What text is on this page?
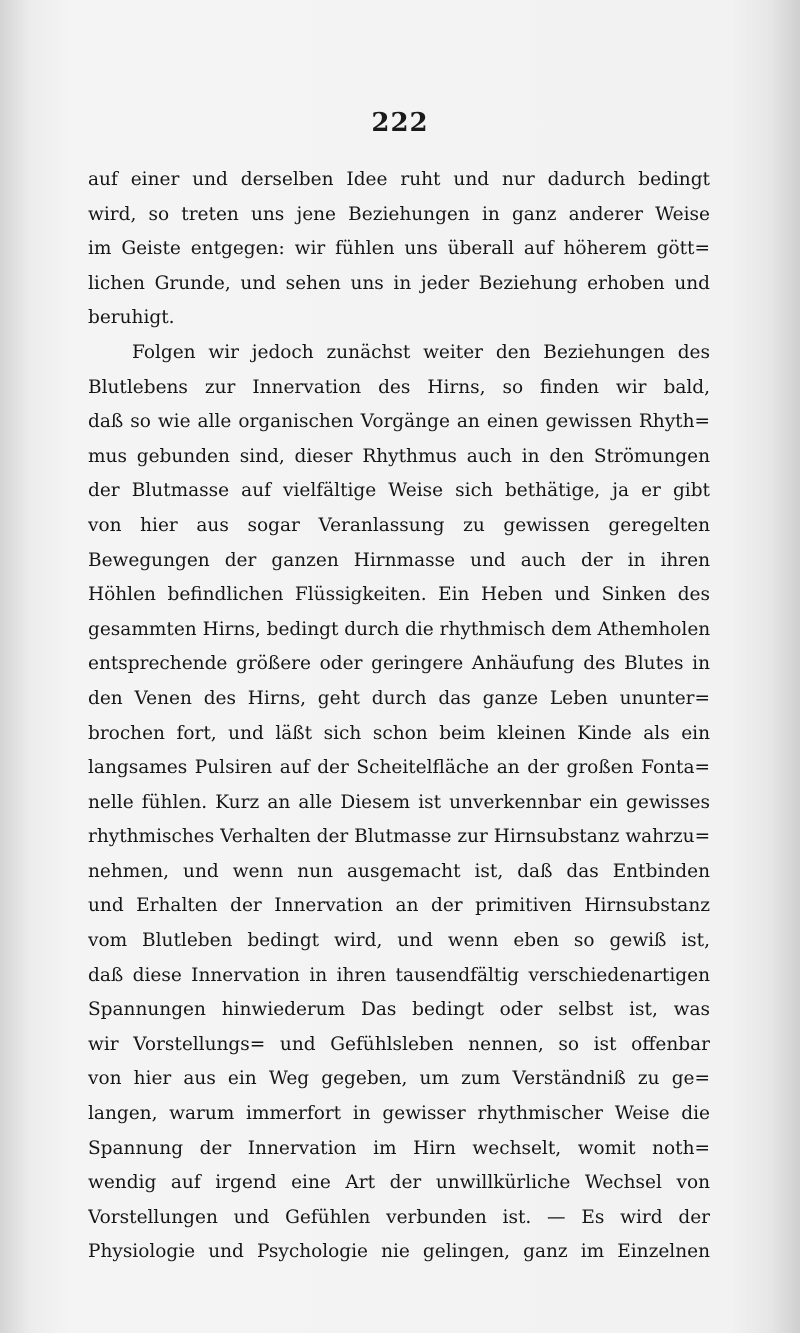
222
auf einer und derselben Idee ruht und nur dadurch bedingt
wird, so treten uns jene Beziehungen in ganz anderer Weise
im Geiste entgegen: wir fühlen uns überall auf höherem gött=
lichen Grunde, und sehen uns in jeder Beziehung erhoben und
beruhigt.
Folgen wir jedoch zunächst weiter den Beziehungen des
Blutlebens zur Innervation des Hirns, so finden wir bald,
daß so wie alle organischen Vorgänge an einen gewissen Rhyth=
mus gebunden sind, dieser Rhythmus auch in den Strömungen
der Blutmasse auf vielfältige Weise sich bethätige, ja er gibt
von hier aus sogar Veranlassung zu gewissen geregelten
Bewegungen der ganzen Hirnmasse und auch der in ihren
Höhlen befindlichen Flüssigkeiten. Ein Heben und Sinken des
gesammten Hirns, bedingt durch die rhythmisch dem Athemholen
entsprechende größere oder geringere Anhäufung des Blutes in
den Venen des Hirns, geht durch das ganze Leben ununter=
brochen fort, und läßt sich schon beim kleinen Kinde als ein
langsames Pulsiren auf der Scheitelfläche an der großen Fonta=
nelle fühlen. Kurz an alle Diesem ist unverkennbar ein gewisses
rhythmisches Verhalten der Blutmasse zur Hirnsubstanz wahrzu=
nehmen, und wenn nun ausgemacht ist, daß das Entbinden
und Erhalten der Innervation an der primitiven Hirnsubstanz
vom Blutleben bedingt wird, und wenn eben so gewiß ist,
daß diese Innervation in ihren tausendfältig verschiedenartigen
Spannungen hinwiederum Das bedingt oder selbst ist, was
wir Vorstellungs= und Gefühlsleben nennen, so ist offenbar
von hier aus ein Weg gegeben, um zum Verständniß zu ge=
langen, warum immerfort in gewisser rhythmischer Weise die
Spannung der Innervation im Hirn wechselt, womit noth=
wendig auf irgend eine Art der unwillkürliche Wechsel von
Vorstellungen und Gefühlen verbunden ist. — Es wird der
Physiologie und Psychologie nie gelingen, ganz im Einzelnen
